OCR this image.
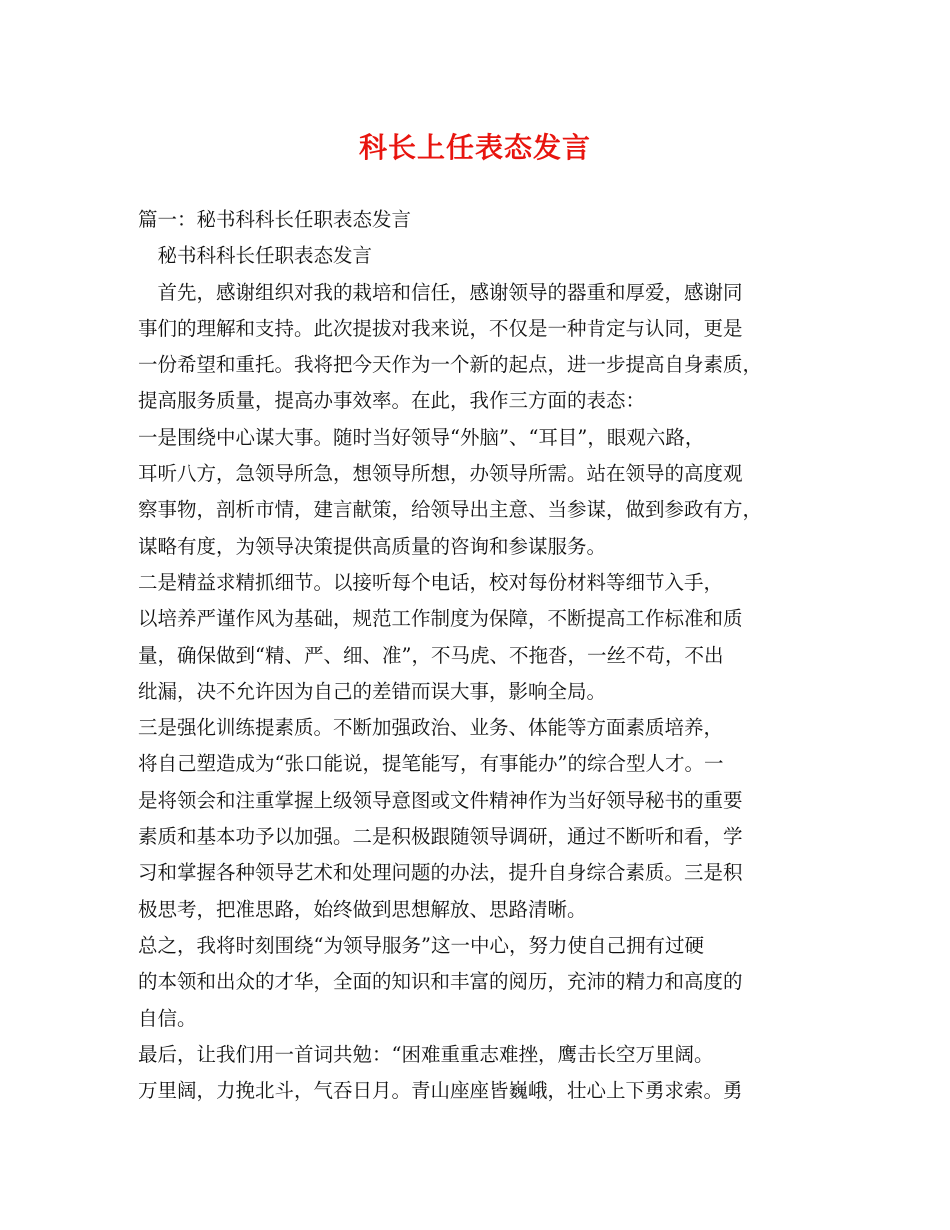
科长上任表态发言
篇一：秘书科科长任职表态发言
　秘书科科长任职表态发言
　首先，感谢组织对我的栽培和信任，感谢领导的器重和厚爱，感谢同
事们的理解和支持。此次提拔对我来说，不仅是一种肯定与认同，更是
一份希望和重托。我将把今天作为一个新的起点，进一步提高自身素质，
提高服务质量，提高办事效率。在此，我作三方面的表态：
一是围绕中心谋大事。随时当好领导“外脑”、“耳目”，眼观六路，
耳听八方，急领导所急，想领导所想，办领导所需。站在领导的高度观
察事物，剖析市情，建言献策，给领导出主意、当参谋，做到参政有方，
谋略有度，为领导决策提供高质量的咨询和参谋服务。
二是精益求精抓细节。以接听每个电话，校对每份材料等细节入手，
以培养严谨作风为基础，规范工作制度为保障，不断提高工作标准和质
量，确保做到“精、严、细、准”，不马虎、不拖沓，一丝不苟，不出
纰漏，决不允许因为自己的差错而误大事，影响全局。
三是强化训练提素质。不断加强政治、业务、体能等方面素质培养，
将自己塑造成为“张口能说，提笔能写，有事能办”的综合型人才。一
是将领会和注重掌握上级领导意图或文件精神作为当好领导秘书的重要
素质和基本功予以加强。二是积极跟随领导调研，通过不断听和看，学
习和掌握各种领导艺术和处理问题的办法，提升自身综合素质。三是积
极思考，把准思路，始终做到思想解放、思路清晰。
总之，我将时刻围绕“为领导服务”这一中心，努力使自己拥有过硬
的本领和出众的才华，全面的知识和丰富的阅历，充沛的精力和高度的
自信。
最后，让我们用一首词共勉：“困难重重志难挫，鹰击长空万里阔。
万里阔，力挽北斗，气吞日月。青山座座皆巍峨，壮心上下勇求索。勇
